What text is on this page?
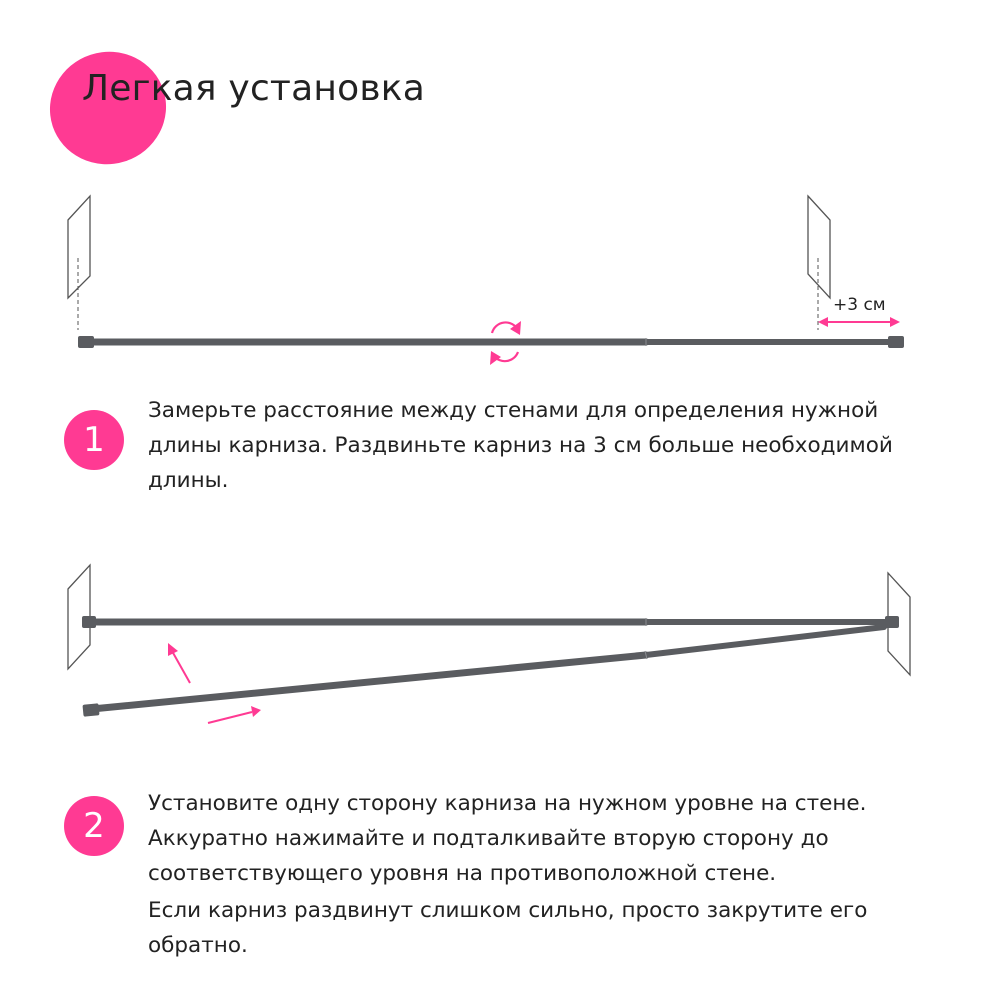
Легкая установка
+3 см
1

Замерьте расстояние между стенами для определения нужной длины карниза. Раздвиньте карниз на 3 см больше необходимой длины.

2

Установите одну сторону карниза на нужном уровне на стене. Аккуратно нажимайте и подталкивайте вторую сторону до соответствующего уровня на противоположной стене.

Если карниз раздвинут слишком сильно, просто закрутите его обратно.
